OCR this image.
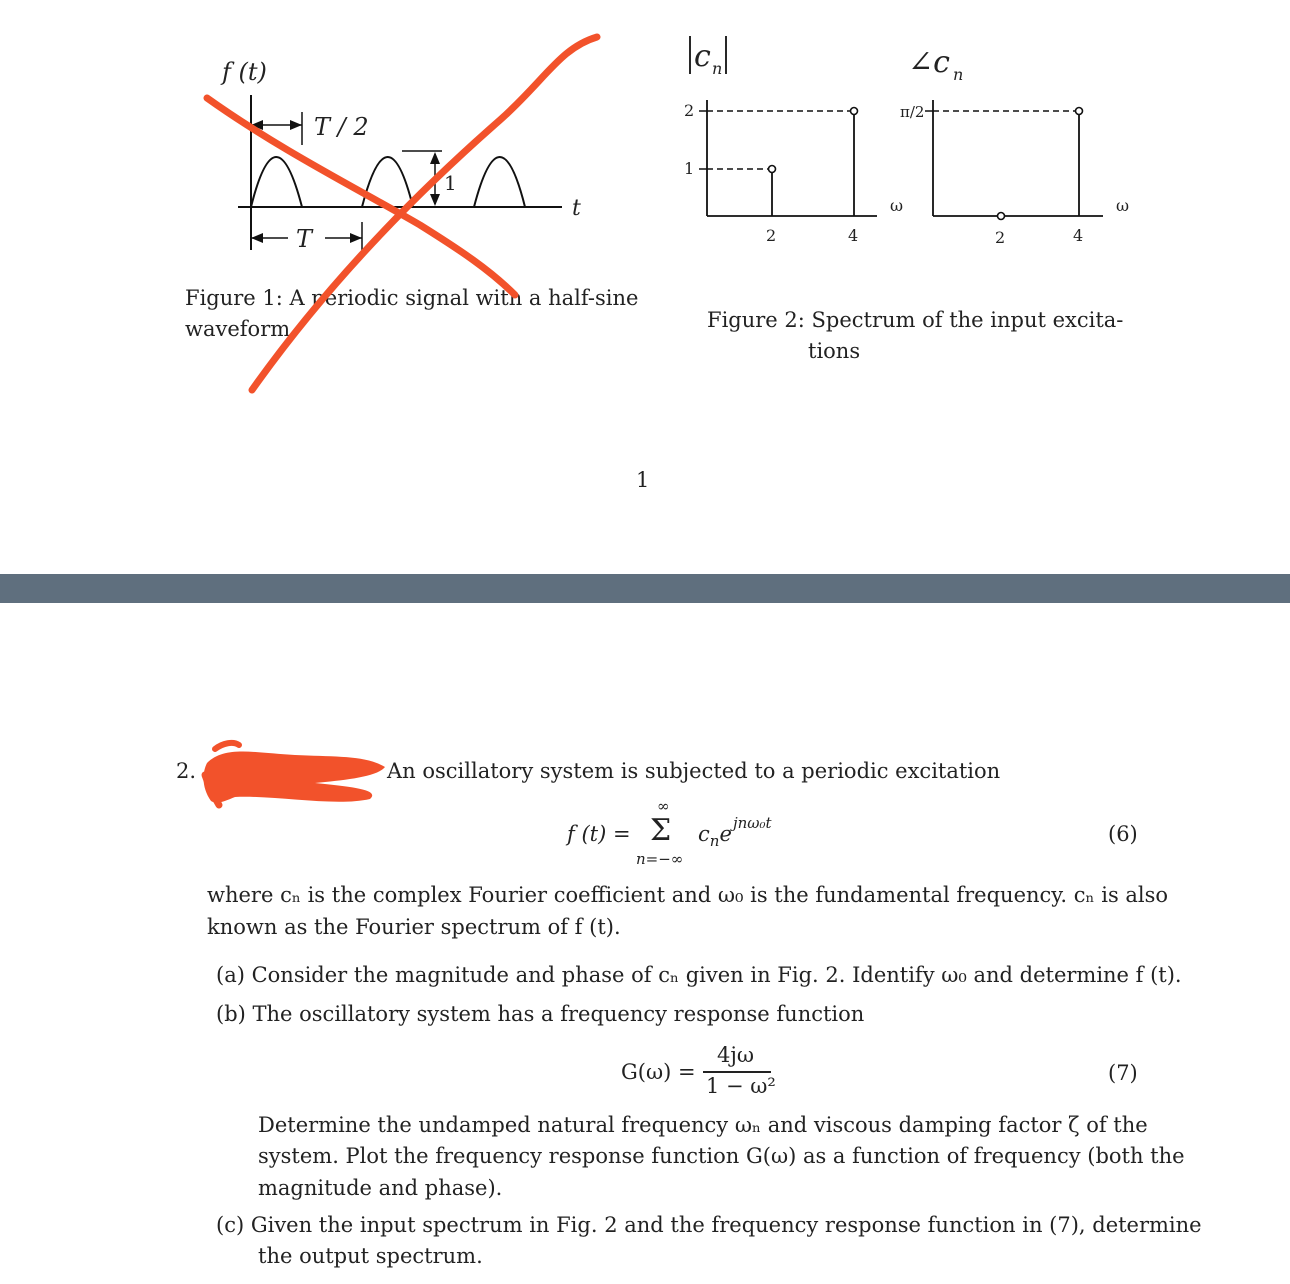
f (t)
t
T / 2
1
T
Figure 1: A periodic signal with a half-sine
waveform
c n
2
1
2	4
ω
∠c n
π/2
2	4
ω
Figure 2: Spectrum of the input excita-
tions
1
2.	An oscillatory system is subjected to a periodic excitation
f (t) =
∞
Σ
n=−∞
$c_ne$ jnω₀t	(6)
where cₙ is the complex Fourier coefficient and ω₀ is the fundamental frequency. cₙ is also
known as the Fourier spectrum of f (t).
(a) Consider the magnitude and phase of cₙ given in Fig. 2. Identify ω₀ and determine f (t).
(b) The oscillatory system has a frequency response function
G(ω) =
4jω
1 − ω²
(7)
Determine the undamped natural frequency ωₙ and viscous damping factor ζ of the
system. Plot the frequency response function G(ω) as a function of frequency (both the
magnitude and phase).
(c) Given the input spectrum in Fig. 2 and the frequency response function in (7), determine
the output spectrum.
